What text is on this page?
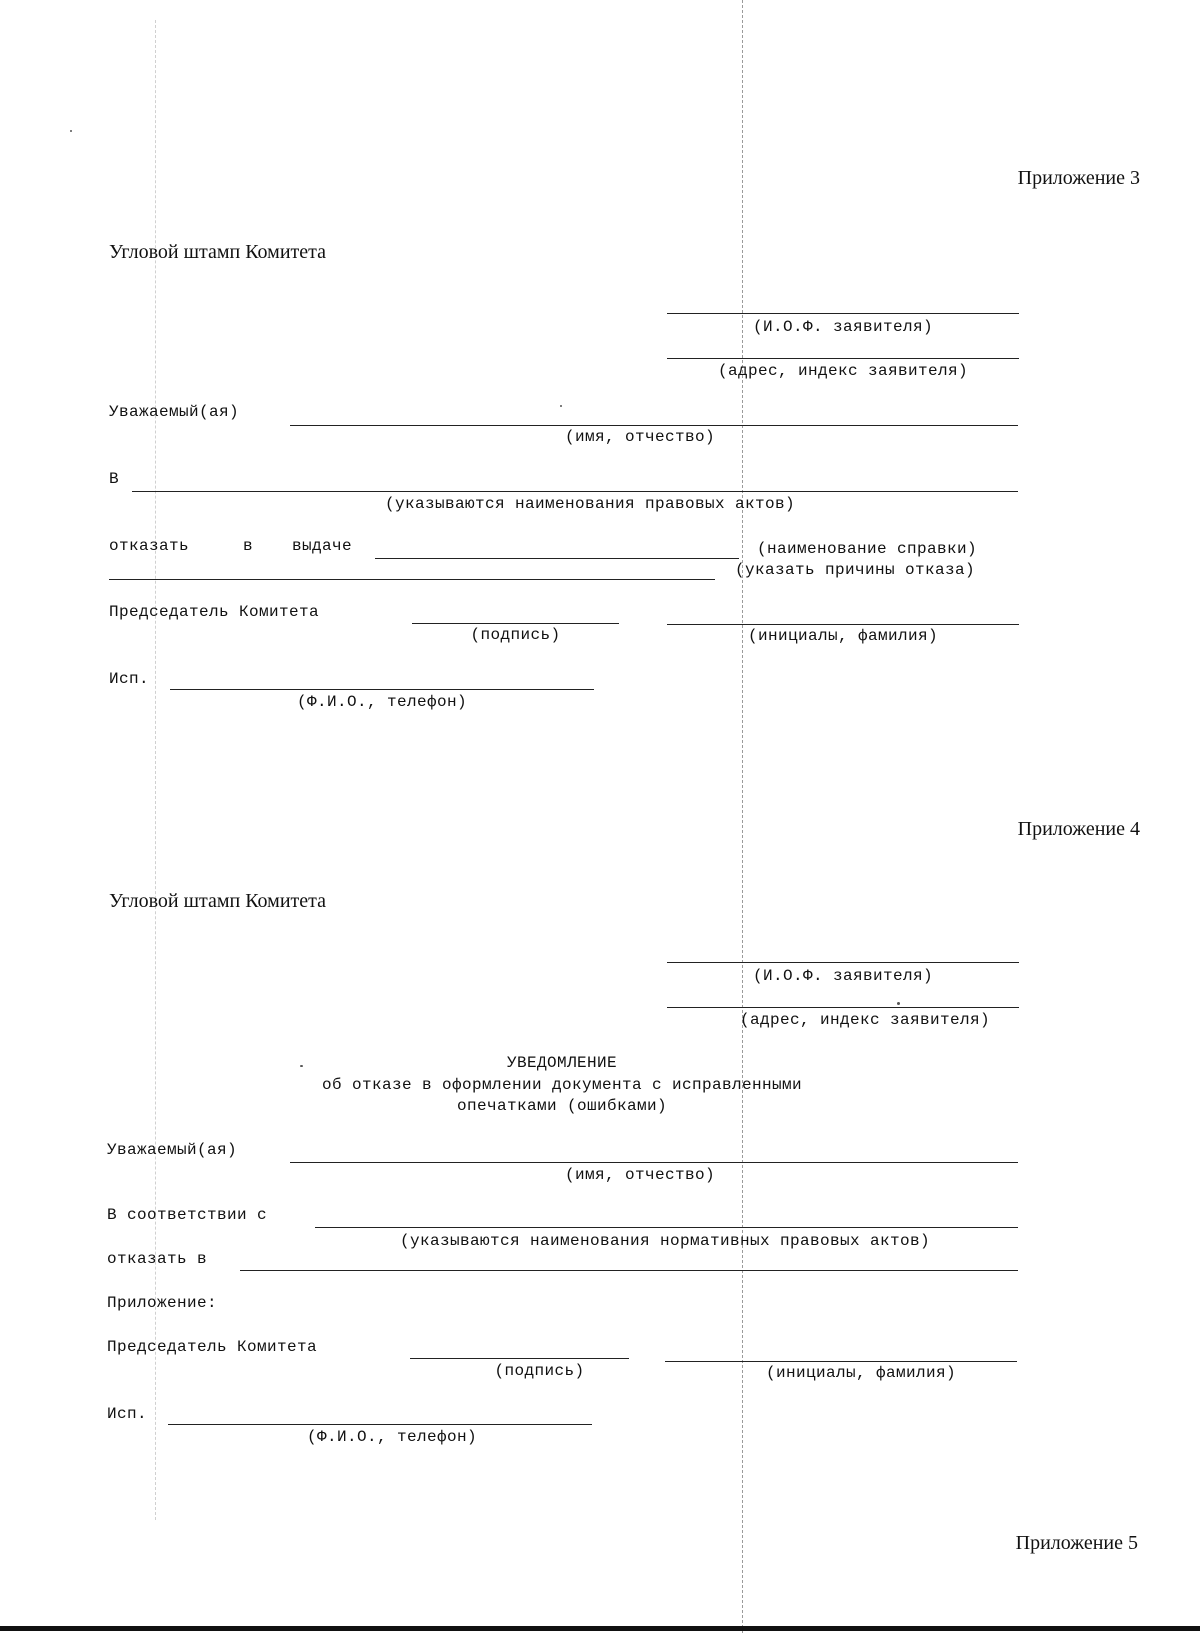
Приложение 3
Угловой штамп Комитета
(И.О.Ф. заявителя)
(адрес, индекс заявителя)
Уважаемый(ая)
(имя, отчество)
В
(указываются наименования правовых актов)
отказать	в выдаче	(наименование справки)
(указать причины отказа)
Председатель Комитета
(подпись)	(инициалы, фамилия)
Исп.
(Ф.И.О., телефон)
Приложение 4
Угловой штамп Комитета
(И.О.Ф. заявителя)
(адрес, индекс заявителя)
УВЕДОМЛЕНИЕ
об отказе в оформлении документа с исправленными
опечатками (ошибками)
Уважаемый(ая)
(имя, отчество)
В соответствии с
(указываются наименования нормативных правовых актов)
отказать в
Приложение:
Председатель Комитета
(подпись)	(инициалы, фамилия)
Исп.
(Ф.И.О., телефон)
Приложение 5
